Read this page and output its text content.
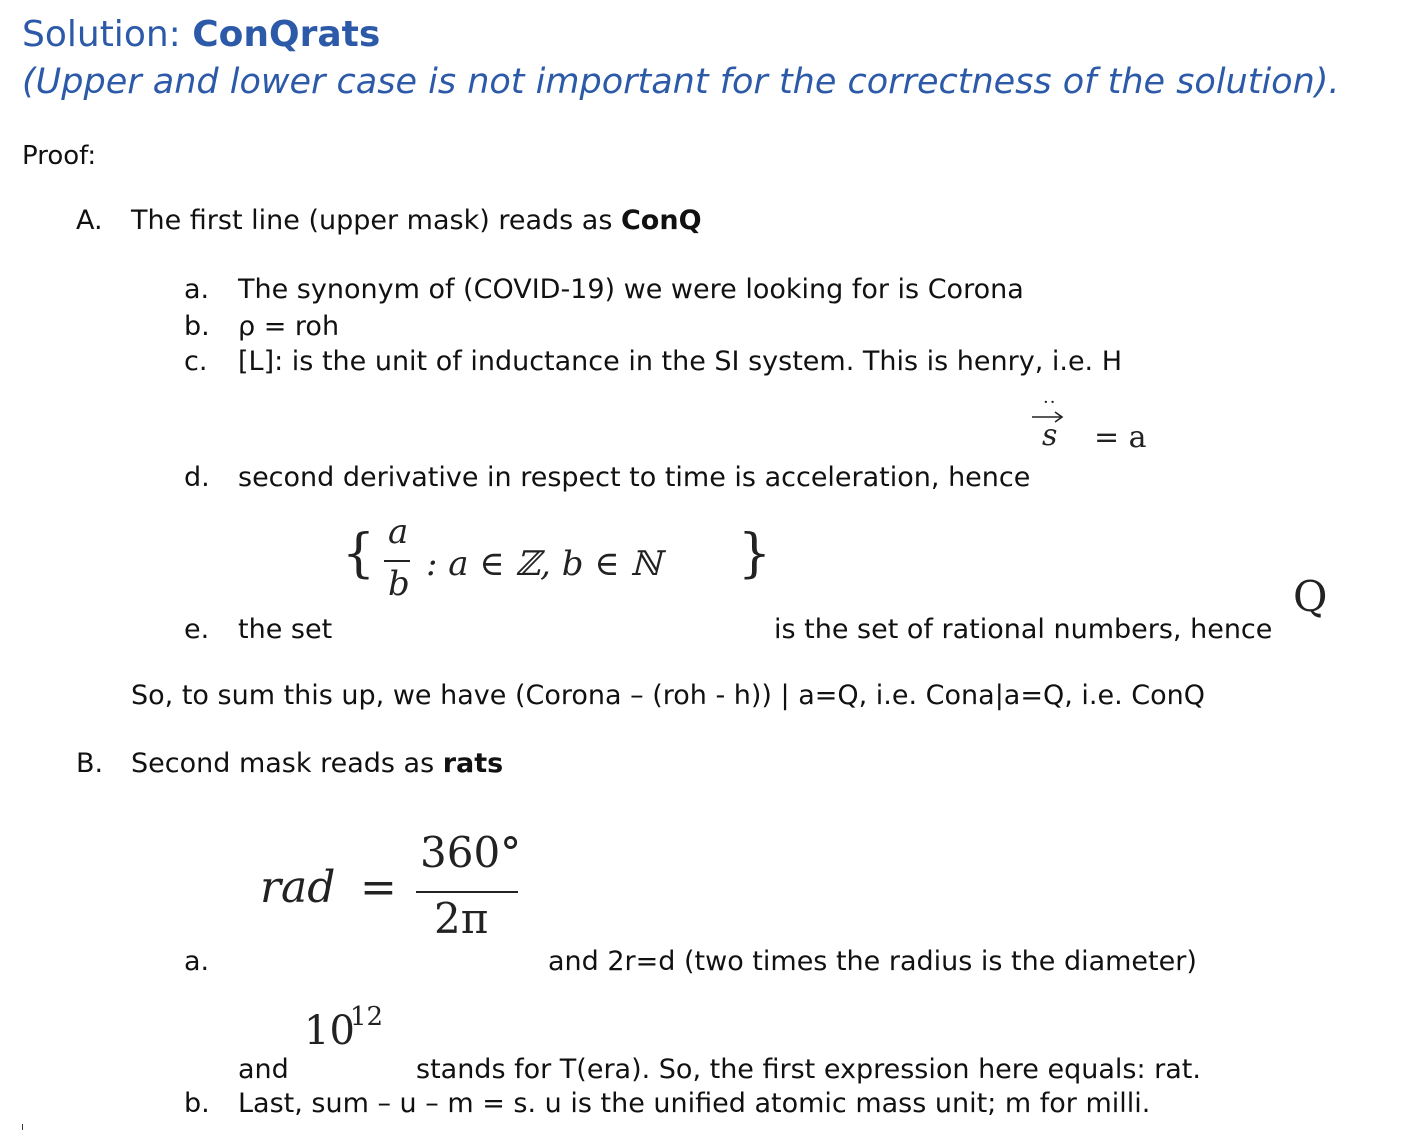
Solution: ConQrats
(Upper and lower case is not important for the correctness of the solution).
Proof:
A. The first line (upper mask) reads as ConQ
a. The synonym of (COVID-19) we were looking for is Corona
b. ρ = roh
c. [L]: is the unit of inductance in the SI system. This is henry, i.e. H
··
s = a
d. second derivative in respect to time is acceleration, hence
{ a
b : a ∈ ℤ, b ∈ ℕ }
Q
e. the set	is the set of rational numbers, hence
So, to sum this up, we have (Corona – (roh - h)) | a=Q, i.e. Cona|a=Q, i.e. ConQ
B. Second mask reads as rats
rad =
360°
2π
a.	and 2r=d (two times the radius is the diameter)
10
12
and	stands for T(era). So, the first expression here equals: rat.
b. Last, sum – u – m = s. u is the unified atomic mass unit; m for milli.
